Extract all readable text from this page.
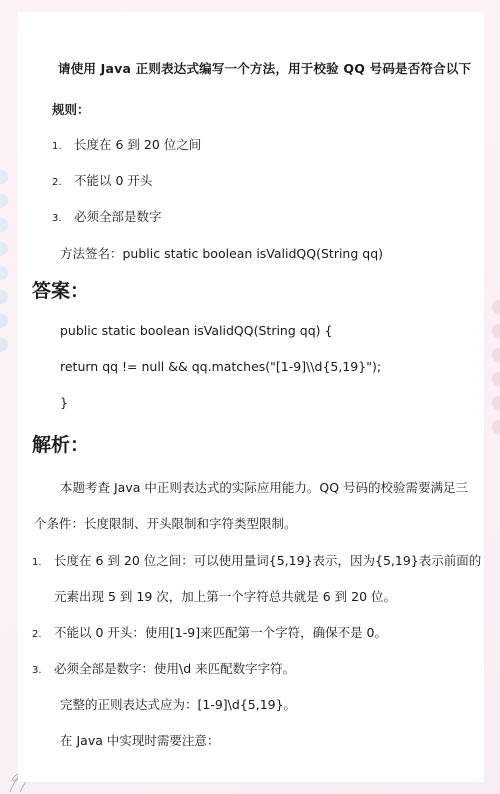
请使用 Java 正则表达式编写一个方法，用于校验 QQ 号码是否符合以下
规则：
1. 长度在 6 到 20 位之间
2. 不能以 0 开头
3. 必须全部是数字
方法签名：public static boolean isValidQQ(String qq)
答案：
public static boolean isValidQQ(String qq) {
return qq != null && qq.matches("[1-9]\\d{5,19}");
}
解析：
本题考查 Java 中正则表达式的实际应用能力。QQ 号码的校验需要满足三
个条件：长度限制、开头限制和字符类型限制。
1. 长度在 6 到 20 位之间：可以使用量词{5,19}表示，因为{5,19}表示前面的
元素出现 5 到 19 次，加上第一个字符总共就是 6 到 20 位。
2. 不能以 0 开头：使用[1-9]来匹配第一个字符，确保不是 0。
3. 必须全部是数字：使用\d 来匹配数字字符。
完整的正则表达式应为：[1-9]\d{5,19}。
在 Java 中实现时需要注意：
